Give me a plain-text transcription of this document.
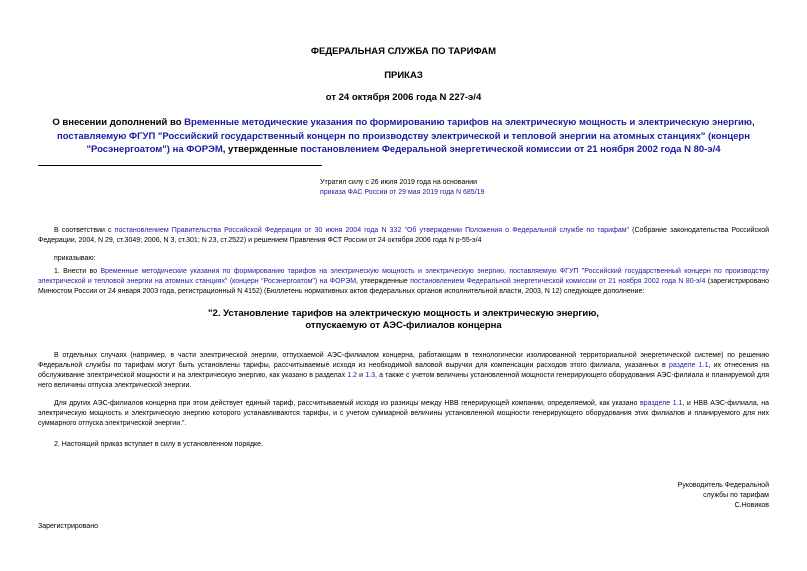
ФЕДЕРАЛЬНАЯ СЛУЖБА ПО ТАРИФАМ
ПРИКАЗ
от 24 октября 2006 года N 227-э/4
О внесении дополнений во Временные методические указания по формированию тарифов на электрическую мощность и электрическую энергию, поставляемую ФГУП "Российский государственный концерн по производству электрической и тепловой энергии на атомных станциях" (концерн "Росэнергоатом") на ФОРЭМ, утвержденные постановлением Федеральной энергетической комиссии от 21 ноября 2002 года N 80-э/4
Утратил силу с 26 июля 2019 года на основании
приказа ФАС России от 29 мая 2019 года N 685/19
В соответствии с постановлением Правительства Российской Федерации от 30 июня 2004 года N 332 "Об утверждении Положения о Федеральной службе по тарифам" (Собрание законодательства Российской Федерации, 2004, N 29, ст.3049; 2006, N 3, ст.301; N 23, ст.2522) и решением Правления ФСТ России от 24 октября 2006 года N р-55-э/4
приказываю:
1. Внести во Временные методические указания по формированию тарифов на электрическую мощность и электрическую энергию, поставляемую ФГУП "Российский государственный концерн по производству электрической и тепловой энергии на атомных станциях" (концерн "Росэнергоатом") на ФОРЭМ, утвержденные постановлением Федеральной энергетической комиссии от 21 ноября 2002 года N 80-э/4 (зарегистрировано Минюстом России от 24 января 2003 года, регистрационный N 4152) (Бюллетень нормативных актов федеральных органов исполнительной власти, 2003, N 12) следующее дополнение:
"2. Установление тарифов на электрическую мощность и электрическую энергию, отпускаемую от АЭС-филиалов концерна
В отдельных случаях (например, в части электрической энергии, отпускаемой АЭС-филиалом концерна, работающим в технологически изолированной территориальной энергетической системе) по решению Федеральной службы по тарифам могут быть установлены тарифы, рассчитываемые исходя из необходимой валовой выручки для компенсации расходов этого филиала, указанных в разделе 1.1, их отнесения на обслуживание электрической мощности и на электрическую энергию, как указано в разделах 1.2 и 1.3, а также с учетом величины установленной мощности генерирующего оборудования АЭС-филиала и планируемой для него величины отпуска электрической энергии.
Для других АЭС-филиалов концерна при этом действует единый тариф, рассчитываемый исходя из разницы между НВВ генерирующей компании, определяемой, как указано вразделе 1.1, и НВВ АЭС-филиала, на электрическую мощность и электрическую энергию которого устанавливаются тарифы, и с учетом суммарной величины установленной мощности генерирующего оборудования этих филиалов и планируемого для них суммарного отпуска электрической энергии.".
2. Настоящий приказ вступает в силу в установленном порядке.
Руководитель Федеральной
службы по тарифам
С.Новиков
Зарегистрировано
